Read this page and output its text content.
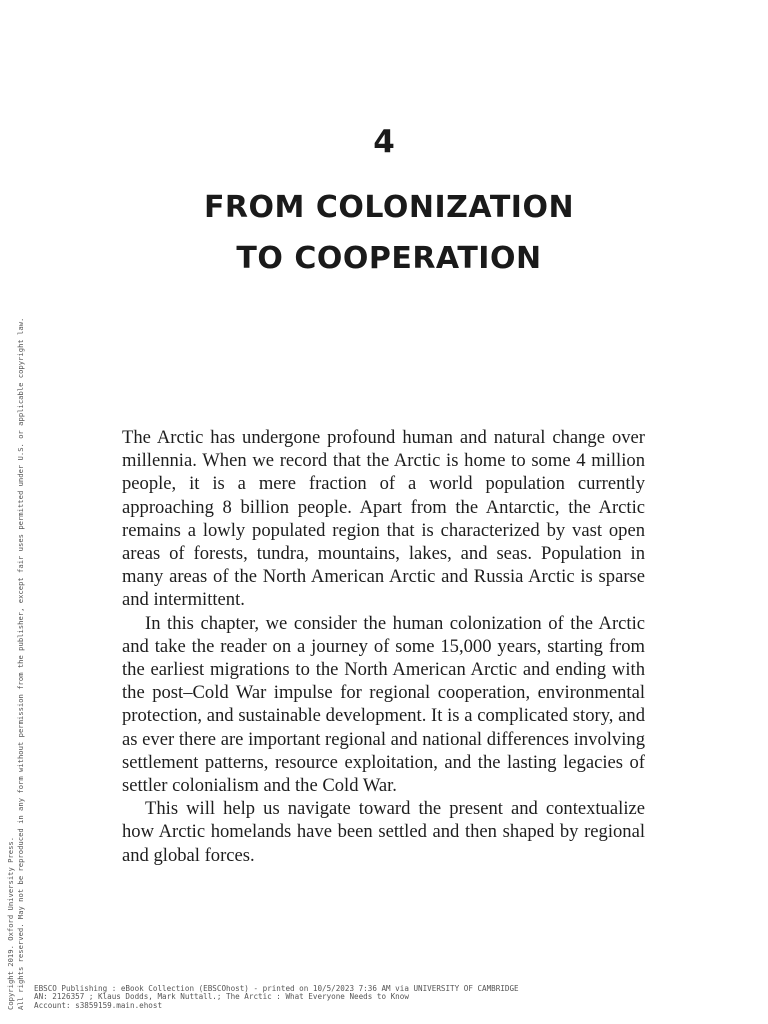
4
FROM COLONIZATION
TO COOPERATION

The Arctic has undergone profound human and natural change over millennia. When we record that the Arctic is home to some 4 million people, it is a mere fraction of a world population currently approaching 8 billion people. Apart from the Antarctic, the Arctic remains a lowly populated region that is characterized by vast open areas of forests, tundra, mountains, lakes, and seas. Population in many areas of the North American Arctic and Russia Arctic is sparse and intermittent.

In this chapter, we consider the human colonization of the Arctic and take the reader on a journey of some 15,000 years, starting from the earliest migrations to the North American Arctic and ending with the post–Cold War impulse for regional cooperation, environmental protection, and sustainable development. It is a complicated story, and as ever there are important regional and national differences involving settlement patterns, resource exploitation, and the lasting legacies of settler colonialism and the Cold War.

This will help us navigate toward the present and contextualize how Arctic homelands have been settled and then shaped by regional and global forces.

Copyright 2019. Oxford University Press. All rights reserved. May not be reproduced in any form without permission from the publisher, except fair uses permitted under U.S. or applicable copyright law. EBSCO Publishing : eBook Collection (EBSCOhost) - printed on 10/5/2023 7:36 AM via UNIVERSITY OF CAMBRIDGE
AN: 2126357 ; Klaus Dodds, Mark Nuttall.; The Arctic : What Everyone Needs to Know
Account: s3859159.main.ehost
